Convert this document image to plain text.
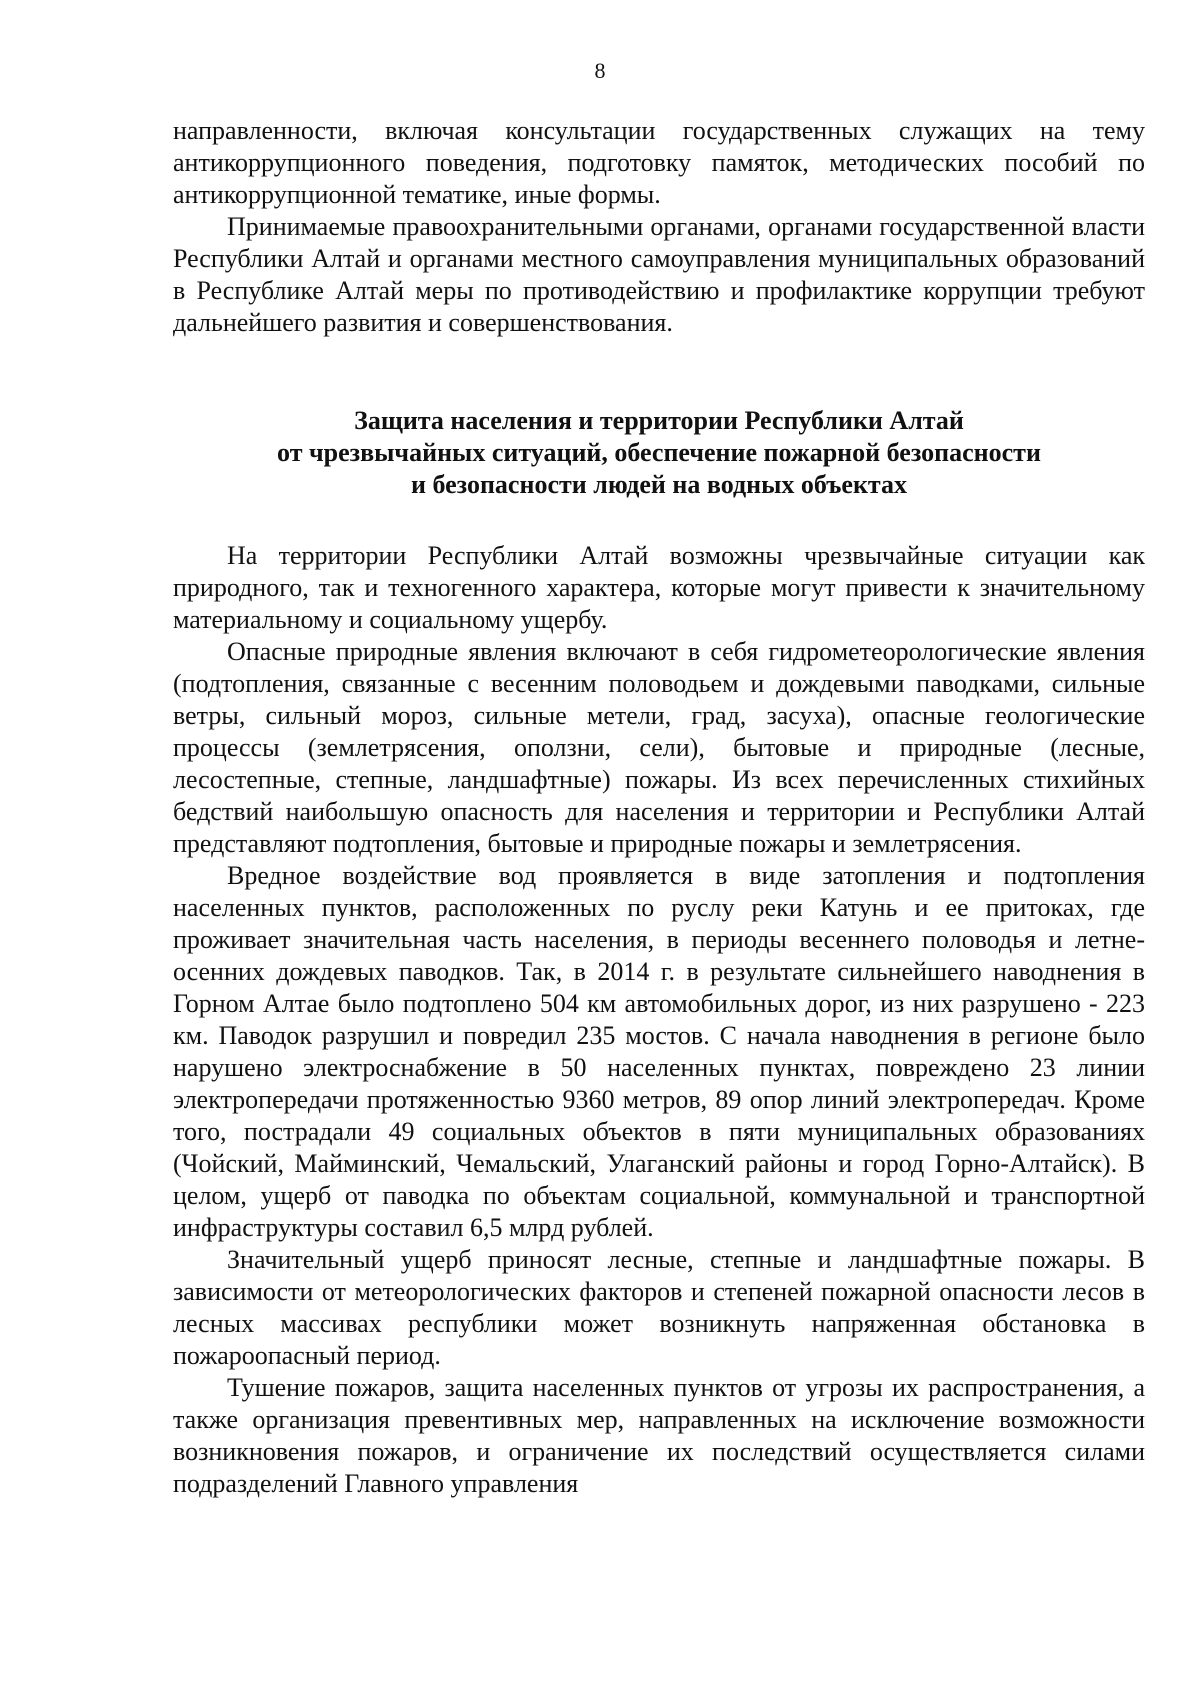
8

направленности, включая консультации государственных служащих на тему антикоррупционного поведения, подготовку памяток, методических пособий по антикоррупционной тематике, иные формы.

Принимаемые правоохранительными органами, органами государственной власти Республики Алтай и органами местного самоуправления муниципальных образований в Республике Алтай меры по противодействию и профилактике коррупции требуют дальнейшего развития и совершенствования.

Защита населения и территории Республики Алтай
от чрезвычайных ситуаций, обеспечение пожарной безопасности
и безопасности людей на водных объектах

На территории Республики Алтай возможны чрезвычайные ситуации как природного, так и техногенного характера, которые могут привести к значительному материальному и социальному ущербу.

Опасные природные явления включают в себя гидрометеорологические явления (подтопления, связанные с весенним половодьем и дождевыми паводками, сильные ветры, сильный мороз, сильные метели, град, засуха), опасные геологические процессы (землетрясения, оползни, сели), бытовые и природные (лесные, лесостепные, степные, ландшафтные) пожары. Из всех перечисленных стихийных бедствий наибольшую опасность для населения и территории и Республики Алтай представляют подтопления, бытовые и природные пожары и землетрясения.

Вредное воздействие вод проявляется в виде затопления и подтопления населенных пунктов, расположенных по руслу реки Катунь и ее притоках, где проживает значительная часть населения, в периоды весеннего половодья и летне-осенних дождевых паводков. Так, в 2014 г. в результате сильнейшего наводнения в Горном Алтае было подтоплено 504 км автомобильных дорог, из них разрушено - 223 км. Паводок разрушил и повредил 235 мостов. С начала наводнения в регионе было нарушено электроснабжение в 50 населенных пунктах, повреждено 23 линии электропередачи протяженностью 9360 метров, 89 опор линий электропередач. Кроме того, пострадали 49 социальных объектов в пяти муниципальных образованиях (Чойский, Майминский, Чемальский, Улаганский районы и город Горно-Алтайск). В целом, ущерб от паводка по объектам социальной, коммунальной и транспортной инфраструктуры составил 6,5 млрд рублей.

Значительный ущерб приносят лесные, степные и ландшафтные пожары. В зависимости от метеорологических факторов и степеней пожарной опасности лесов в лесных массивах республики может возникнуть напряженная обстановка в пожароопасный период.

Тушение пожаров, защита населенных пунктов от угрозы их распространения, а также организация превентивных мер, направленных на исключение возможности возникновения пожаров, и ограничение их последствий осуществляется силами подразделений Главного управления
